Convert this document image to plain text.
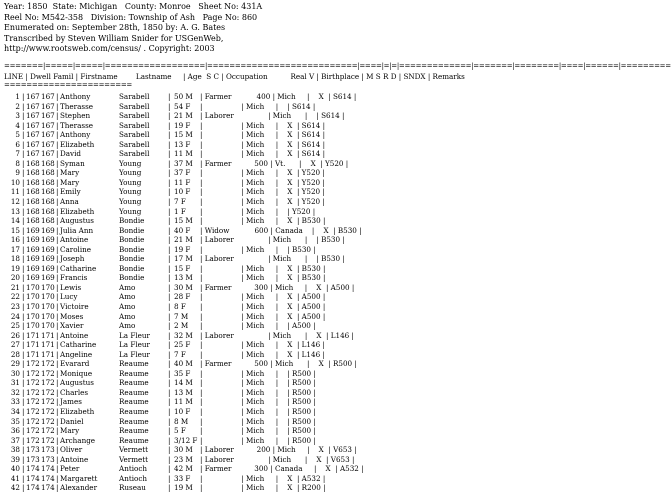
Year: 1850  State: Michigan   County: Monroe   Sheet No: 431A
Reel No: M542-358   Division: Township of Ash   Page No: 860
Enumerated on: September 28th, 1850 by: A. G. Bates
Transcribed by Steven William Snider for USGenWeb,
http://www.rootsweb.com/census/ . Copyright: 2003
=======|=====|=====|==================|===========================|====|=|=|=============|=======|========|====|======|=========
LINE | Dwell Famil | Firstname        Lastname     | Age  S C | Occupation          Real V | Birthplace | M S R D | SNDX | Remarks
=======================
1 | 167 167 | Anthony	Sarabell	| 50 M | Farmer           400 | Mich     |    X  | S614 |
2 | 167 167 | Therasse	Sarabell	| 54 F |                 | Mich     |    | S614 |
3 | 167 167 | Stephen	Sarabell	| 21 M | Laborer               | Mich      |    | S614 |
4 | 167 167 | Therasse	Sarabell	| 19 F |                 | Mich     |    X  | S614 |
5 | 167 167 | Anthony	Sarabell	| 15 M |                 | Mich     |    X  | S614 |
6 | 167 167 | Elizabeth	Sarabell	| 13 F |                 | Mich     |    X  | S614 |
7 | 167 167 | David	Sarabell	| 11 M |                 | Mich     |    X  | S614 |
8 | 168 168 | Syman	Young	| 37 M | Farmer          500 | Vt.      |    X  | Y520 |
9 | 168 168 | Mary	Young	| 37 F |                 | Mich     |    X  | Y520 |
10 | 168 168 | Mary	Young	| 11 F |                 | Mich     |    X  | Y520 |
11 | 168 168 | Emily	Young	| 10 F |                 | Mich     |    X  | Y520 |
12 | 168 168 | Anna	Young	| 7 F |                 | Mich     |    X  | Y520 |
13 | 168 168 | Elizabeth	Young	| 1 F |                 | Mich     |    | Y520 |
14 | 168 168 | Augustus	Bondie	| 15 M |                 | Mich     |    X  | B530 |
15 | 169 169 | Julia Ann	Bondie	| 40 F | Widow           600 | Canada    |    X  | B530 |
16 | 169 169 | Antoine	Bondie	| 21 M | Laborer               | Mich      |    | B530 |
17 | 169 169 | Caroline	Bondie	| 19 F |                 | Mich     |    | B530 |
18 | 169 169 | Joseph	Bondie	| 17 M | Laborer               | Mich      |    | B530 |
19 | 169 169 | Catharine	Bondie	| 15 F |                 | Mich     |    X  | B530 |
20 | 169 169 | Francis	Bondie	| 13 M |                 | Mich     |    X  | B530 |
21 | 170 170 | Lewis	Amo	| 30 M | Farmer          300 | Mich     |    X  | A500 |
22 | 170 170 | Lucy	Amo	| 28 F |                 | Mich     |    X  | A500 |
23 | 170 170 | Victoire	Amo	| 8 F |                 | Mich     |    X  | A500 |
24 | 170 170 | Moses	Amo	| 7 M |                 | Mich     |    X  | A500 |
25 | 170 170 | Xavier	Amo	| 2 M |                 | Mich     |    | A500 |
26 | 171 171 | Antoine	La Fleur	| 32 M | Laborer               | Mich      |    X  | L146 |
27 | 171 171 | Catharine	La Fleur	| 25 F |                 | Mich     |    X  | L146 |
28 | 171 171 | Angeline	La Fleur	| 7 F |                 | Mich     |    X  | L146 |
29 | 172 172 | Evarard	Reaume	| 40 M | Farmer          500 | Mich      |    X  | R500 |
30 | 172 172 | Monique	Reaume	| 35 F |                 | Mich     |    | R500 |
31 | 172 172 | Augustus	Reaume	| 14 M |                 | Mich     |    | R500 |
32 | 172 172 | Charles	Reaume	| 13 M |                 | Mich     |    | R500 |
33 | 172 172 | James	Reaume	| 11 M |                 | Mich     |    | R500 |
34 | 172 172 | Elizabeth	Reaume	| 10 F |                 | Mich     |    | R500 |
35 | 172 172 | Daniel	Reaume	| 8 M |                 | Mich     |    | R500 |
36 | 172 172 | Mary	Reaume	| 5 F |                 | Mich     |    | R500 |
37 | 172 172 | Archange	Reaume	| 3/12 F |                 | Mich     |    | R500 |
38 | 173 173 | Oliver	Vermett	| 30 M | Laborer          200 | Mich     |    X  | V653 |
39 | 173 173 | Antoine	Vermett	| 23 M | Laborer               | Mich      |    X  | V653 |
40 | 174 174 | Peter	Antioch	| 42 M | Farmer          300 | Canada     |    X  | A532 |
41 | 174 174 | Margarett	Antioch	| 33 F |                 | Mich     |    X  | A532 |
42 | 174 174 | Alexander	Ruseau	| 19 M |                 | Mich     |    X  | R200 |
